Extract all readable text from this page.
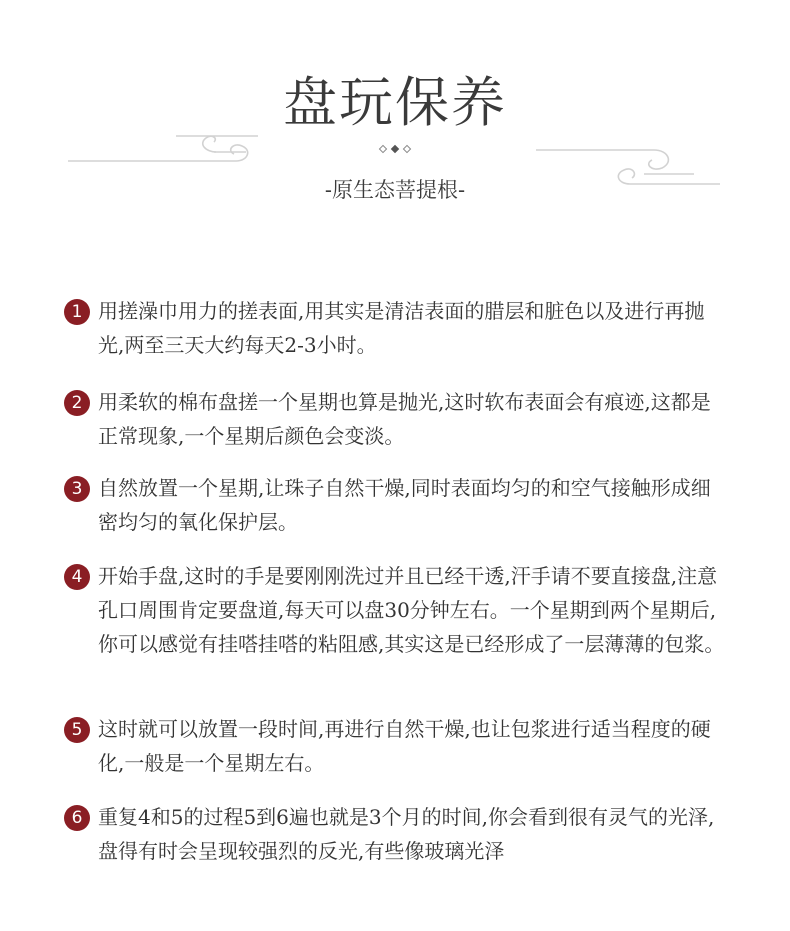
盘玩保养
-原生态菩提根-
1 用搓澡巾用力的搓表面,用其实是清洁表面的腊层和脏色以及进行再抛光,两至三天大约每天2-3小时。
2 用柔软的棉布盘搓一个星期也算是抛光,这时软布表面会有痕迹,这都是正常现象,一个星期后颜色会变淡。
3 自然放置一个星期,让珠子自然干燥,同时表面均匀的和空气接触形成细密均匀的氧化保护层。
4 开始手盘,这时的手是要刚刚洗过并且已经干透,汗手请不要直接盘,注意孔口周围肯定要盘道,每天可以盘30分钟左右。一个星期到两个星期后,你可以感觉有挂嗒挂嗒的粘阻感,其实这是已经形成了一层薄薄的包浆。
5 这时就可以放置一段时间,再进行自然干燥,也让包浆进行适当程度的硬化,一般是一个星期左右。
6 重复4和5的过程5到6遍也就是3个月的时间,你会看到很有灵气的光泽,盘得有时会呈现较强烈的反光,有些像玻璃光泽
